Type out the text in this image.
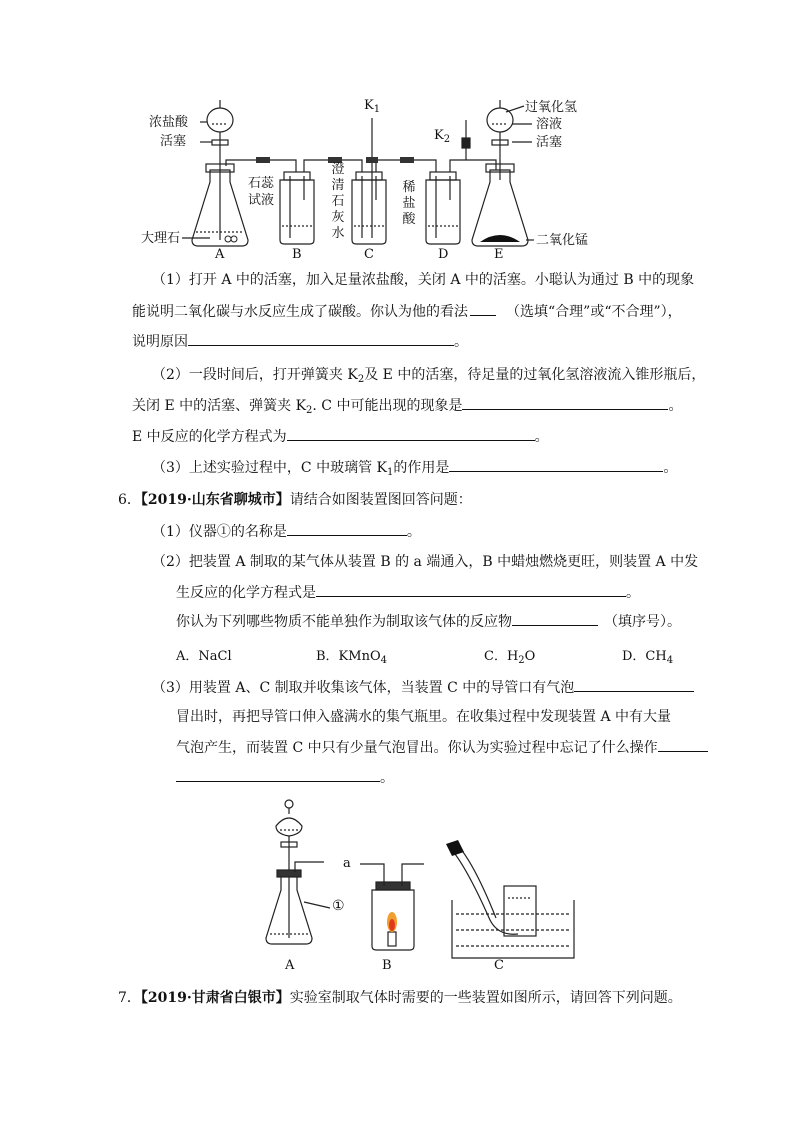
浓盐酸
活塞
大理石
石蕊试液
澄清石灰水
$K_1$
$K_2$
稀盐酸
过氧化氢
溶液
活塞
二氧化锰
A	B	C	D	E
（1）打开 A 中的活塞，加入足量浓盐酸，关闭 A 中的活塞。小聪认为通过 B 中的现象
能说明二氧化碳与水反应生成了碳酸。你认为他的看法	（选填“合理”或“不合理”），
说明原因	。
（2）一段时间后，打开弹簧夹 $K_2$及 E 中的活塞，待足量的过氧化氢溶液流入锥形瓶后，
关闭 E 中的活塞、弹簧夹 $K_2$. C 中可能出现的现象是	。
E 中反应的化学方程式为	。
（3）上述实验过程中，C 中玻璃管 $K_1$的作用是	。
6．【2019·山东省聊城市】请结合如图装置图回答问题：
（1）仪器①的名称是	。
（2）把装置 A 制取的某气体从装置 B 的 a 端通入，B 中蜡烛燃烧更旺，则装置 A 中发
生反应的化学方程式是	。
你认为下列哪些物质不能单独作为制取该气体的反应物	（填序号）。
A．NaCl	B．KMnO$_4$	C．$H_2O$	D．$CH_4$
（3）用装置 A、C 制取并收集该气体，当装置 C 中的导管口有气泡
冒出时，再把导管口伸入盛满水的集气瓶里。在收集过程中发现装置 A 中有大量
气泡产生，而装置 C 中只有少量气泡冒出。你认为实验过程中忘记了什么操作
。
①
a
A	B	C
7．【2019·甘肃省白银市】实验室制取气体时需要的一些装置如图所示，请回答下列问题。
